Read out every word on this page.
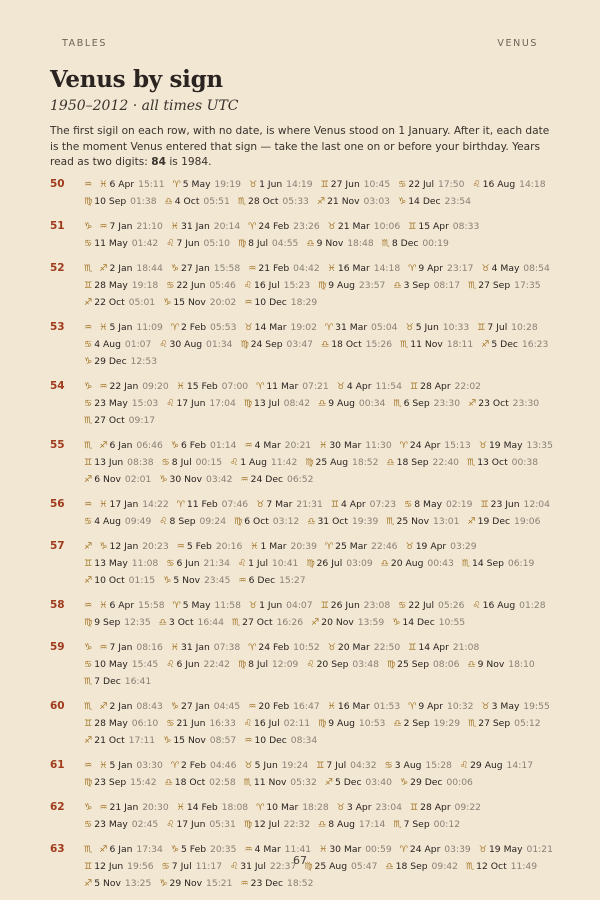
TABLES	VENUS
Venus by sign
1950–2012 · all times UTC

The first sigil on each row, with no date, is where Venus stood on 1 January. After it, each date is the moment Venus entered that sign — take the last one on or before your birthday. Years read as two digits: 84 is 1984.

50	♒︎ ♓︎ 6 Apr 15:11 ♈︎ 5 May 19:19 ♉︎ 1 Jun 14:19 ♊︎ 27 Jun 10:45 ♋︎ 22 Jul 17:50 ♌︎ 16 Aug 14:18 ♍︎ 10 Sep 01:38 ♎︎ 4 Oct 05:51 ♏︎ 28 Oct 05:33 ♐︎ 21 Nov 03:03 ♑︎ 14 Dec 23:54
51	♑︎ ♒︎ 7 Jan 21:10 ♓︎ 31 Jan 20:14 ♈︎ 24 Feb 23:26 ♉︎ 21 Mar 10:06 ♊︎ 15 Apr 08:33 ♋︎ 11 May 01:42 ♌︎ 7 Jun 05:10 ♍︎ 8 Jul 04:55 ♎︎ 9 Nov 18:48 ♏︎ 8 Dec 00:19
52	♏︎ ♐︎ 2 Jan 18:44 ♑︎ 27 Jan 15:58 ♒︎ 21 Feb 04:42 ♓︎ 16 Mar 14:18 ♈︎ 9 Apr 23:17 ♉︎ 4 May 08:54 ♊︎ 28 May 19:18 ♋︎ 22 Jun 05:46 ♌︎ 16 Jul 15:23 ♍︎ 9 Aug 23:57 ♎︎ 3 Sep 08:17 ♏︎ 27 Sep 17:35 ♐︎ 22 Oct 05:01 ♑︎ 15 Nov 20:02 ♒︎ 10 Dec 18:29
53	♒︎ ♓︎ 5 Jan 11:09 ♈︎ 2 Feb 05:53 ♉︎ 14 Mar 19:02 ♈︎ 31 Mar 05:04 ♉︎ 5 Jun 10:33 ♊︎ 7 Jul 10:28 ♋︎ 4 Aug 01:07 ♌︎ 30 Aug 01:34 ♍︎ 24 Sep 03:47 ♎︎ 18 Oct 15:26 ♏︎ 11 Nov 18:11 ♐︎ 5 Dec 16:23 ♑︎ 29 Dec 12:53
54	♑︎ ♒︎ 22 Jan 09:20 ♓︎ 15 Feb 07:00 ♈︎ 11 Mar 07:21 ♉︎ 4 Apr 11:54 ♊︎ 28 Apr 22:02 ♋︎ 23 May 15:03 ♌︎ 17 Jun 17:04 ♍︎ 13 Jul 08:42 ♎︎ 9 Aug 00:34 ♏︎ 6 Sep 23:30 ♐︎ 23 Oct 23:30 ♏︎ 27 Oct 09:17
55	♏︎ ♐︎ 6 Jan 06:46 ♑︎ 6 Feb 01:14 ♒︎ 4 Mar 20:21 ♓︎ 30 Mar 11:30 ♈︎ 24 Apr 15:13 ♉︎ 19 May 13:35 ♊︎ 13 Jun 08:38 ♋︎ 8 Jul 00:15 ♌︎ 1 Aug 11:42 ♍︎ 25 Aug 18:52 ♎︎ 18 Sep 22:40 ♏︎ 13 Oct 00:38 ♐︎ 6 Nov 02:01 ♑︎ 30 Nov 03:42 ♒︎ 24 Dec 06:52
56	♒︎ ♓︎ 17 Jan 14:22 ♈︎ 11 Feb 07:46 ♉︎ 7 Mar 21:31 ♊︎ 4 Apr 07:23 ♋︎ 8 May 02:19 ♊︎ 23 Jun 12:04 ♋︎ 4 Aug 09:49 ♌︎ 8 Sep 09:24 ♍︎ 6 Oct 03:12 ♎︎ 31 Oct 19:39 ♏︎ 25 Nov 13:01 ♐︎ 19 Dec 19:06
57	♐︎ ♑︎ 12 Jan 20:23 ♒︎ 5 Feb 20:16 ♓︎ 1 Mar 20:39 ♈︎ 25 Mar 22:46 ♉︎ 19 Apr 03:29 ♊︎ 13 May 11:08 ♋︎ 6 Jun 21:34 ♌︎ 1 Jul 10:41 ♍︎ 26 Jul 03:09 ♎︎ 20 Aug 00:43 ♏︎ 14 Sep 06:19 ♐︎ 10 Oct 01:15 ♑︎ 5 Nov 23:45 ♒︎ 6 Dec 15:27
58	♒︎ ♓︎ 6 Apr 15:58 ♈︎ 5 May 11:58 ♉︎ 1 Jun 04:07 ♊︎ 26 Jun 23:08 ♋︎ 22 Jul 05:26 ♌︎ 16 Aug 01:28 ♍︎ 9 Sep 12:35 ♎︎ 3 Oct 16:44 ♏︎ 27 Oct 16:26 ♐︎ 20 Nov 13:59 ♑︎ 14 Dec 10:55
59	♑︎ ♒︎ 7 Jan 08:16 ♓︎ 31 Jan 07:38 ♈︎ 24 Feb 10:52 ♉︎ 20 Mar 22:50 ♊︎ 14 Apr 21:08 ♋︎ 10 May 15:45 ♌︎ 6 Jun 22:42 ♍︎ 8 Jul 12:09 ♌︎ 20 Sep 03:48 ♍︎ 25 Sep 08:06 ♎︎ 9 Nov 18:10 ♏︎ 7 Dec 16:41
60	♏︎ ♐︎ 2 Jan 08:43 ♑︎ 27 Jan 04:45 ♒︎ 20 Feb 16:47 ♓︎ 16 Mar 01:53 ♈︎ 9 Apr 10:32 ♉︎ 3 May 19:55 ♊︎ 28 May 06:10 ♋︎ 21 Jun 16:33 ♌︎ 16 Jul 02:11 ♍︎ 9 Aug 10:53 ♎︎ 2 Sep 19:29 ♏︎ 27 Sep 05:12 ♐︎ 21 Oct 17:11 ♑︎ 15 Nov 08:57 ♒︎ 10 Dec 08:34
61	♒︎ ♓︎ 5 Jan 03:30 ♈︎ 2 Feb 04:46 ♉︎ 5 Jun 19:24 ♊︎ 7 Jul 04:32 ♋︎ 3 Aug 15:28 ♌︎ 29 Aug 14:17 ♍︎ 23 Sep 15:42 ♎︎ 18 Oct 02:58 ♏︎ 11 Nov 05:32 ♐︎ 5 Dec 03:40 ♑︎ 29 Dec 00:06
62	♑︎ ♒︎ 21 Jan 20:30 ♓︎ 14 Feb 18:08 ♈︎ 10 Mar 18:28 ♉︎ 3 Apr 23:04 ♊︎ 28 Apr 09:22 ♋︎ 23 May 02:45 ♌︎ 17 Jun 05:31 ♍︎ 12 Jul 22:32 ♎︎ 8 Aug 17:14 ♏︎ 7 Sep 00:12
63	♏︎ ♐︎ 6 Jan 17:34 ♑︎ 5 Feb 20:35 ♒︎ 4 Mar 11:41 ♓︎ 30 Mar 00:59 ♈︎ 24 Apr 03:39 ♉︎ 19 May 01:21 ♊︎ 12 Jun 19:56 ♋︎ 7 Jul 11:17 ♌︎ 31 Jul 22:37 ♍︎ 25 Aug 05:47 ♎︎ 18 Sep 09:42 ♏︎ 12 Oct 11:49 ♐︎ 5 Nov 13:25 ♑︎ 29 Nov 15:21 ♒︎ 23 Dec 18:52
67
